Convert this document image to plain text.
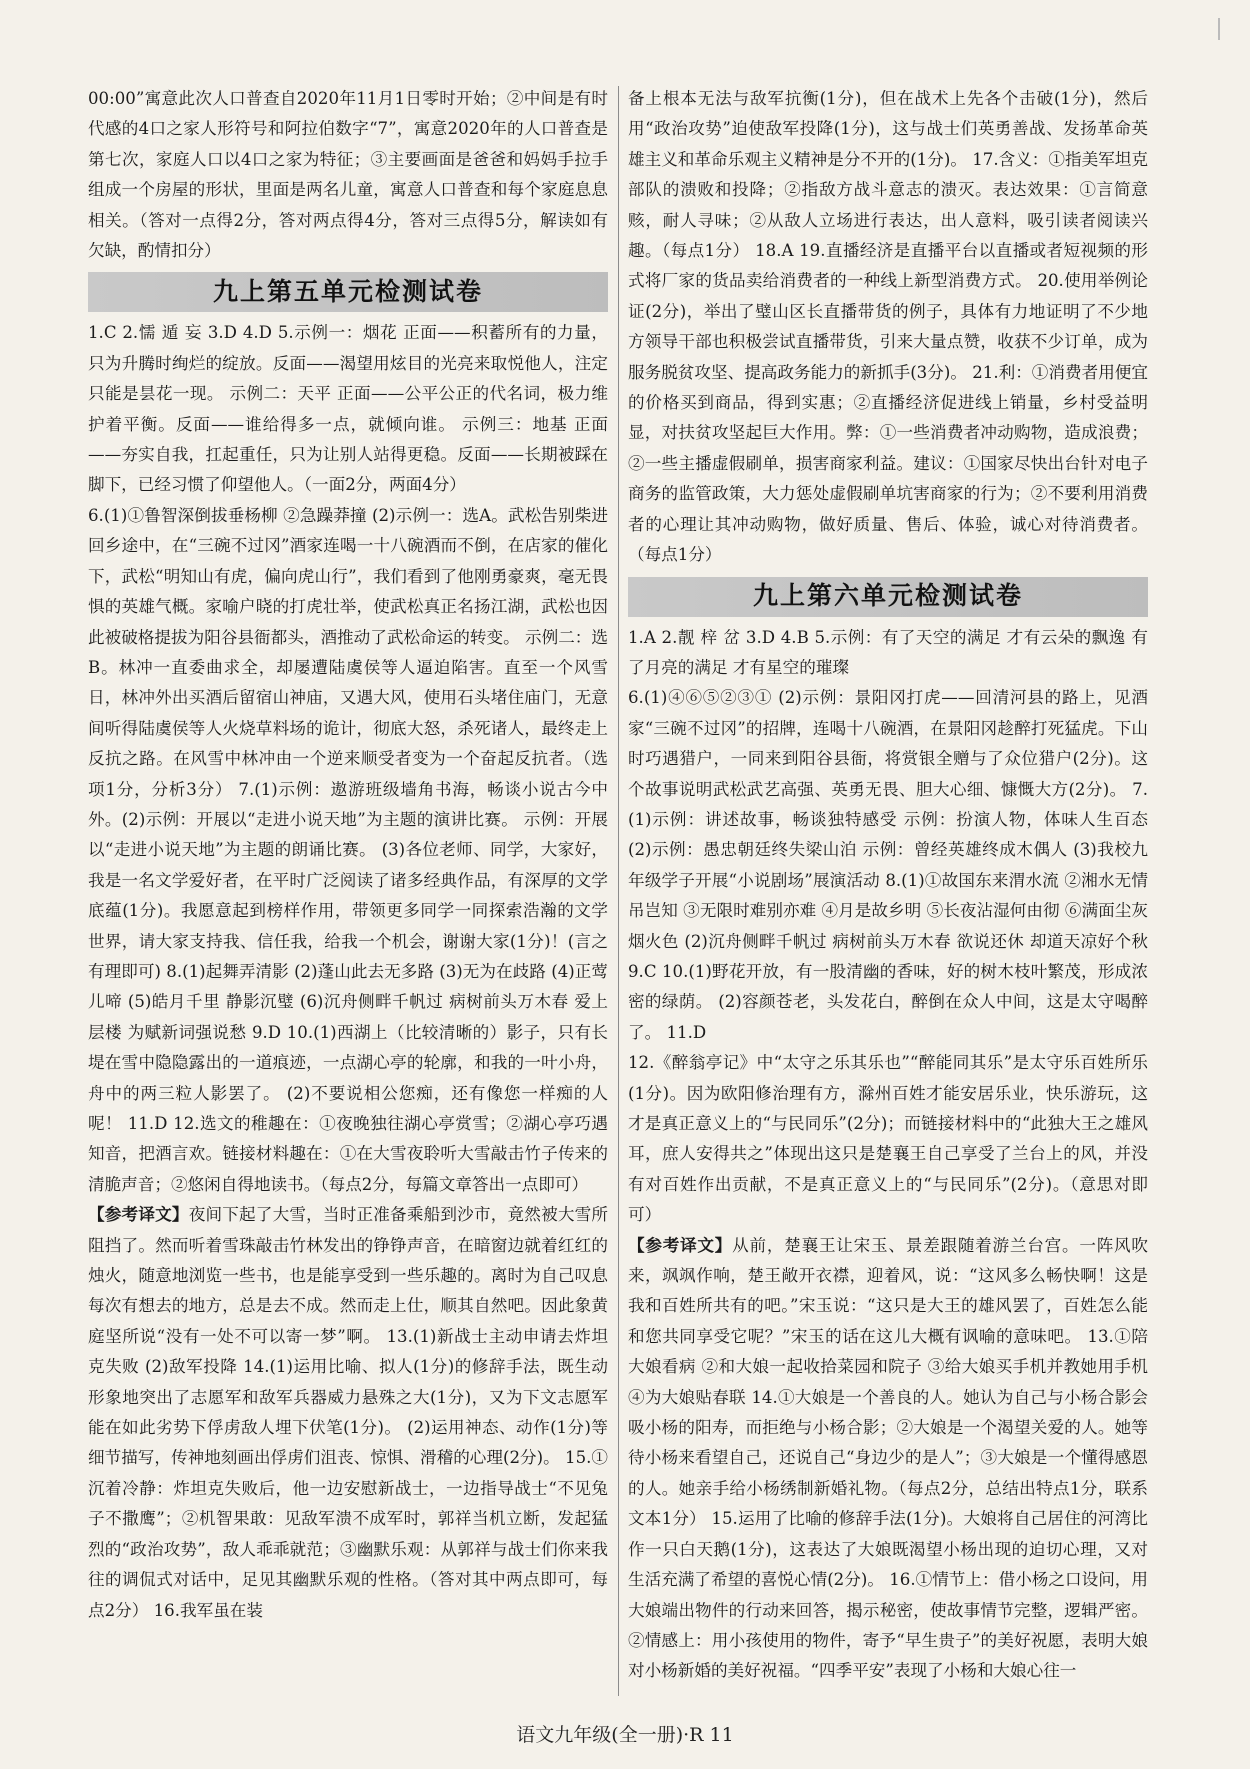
00:00”寓意此次人口普查自2020年11月1日零时开始；②中间是有时代感的4口之家人形符号和阿拉伯数字“7”，寓意2020年的人口普查是第七次，家庭人口以4口之家为特征；③主要画面是爸爸和妈妈手拉手组成一个房屋的形状，里面是两名儿童，寓意人口普查和每个家庭息息相关。（答对一点得2分，答对两点得4分，答对三点得5分，解读如有欠缺，酌情扣分）

九上第五单元检测试卷

1.C 2.懦 遁 妄 3.D 4.D 5.示例一：烟花 正面——积蓄所有的力量，只为升腾时绚烂的绽放。反面——渴望用炫目的光亮来取悦他人，注定只能是昙花一现。 示例二：天平 正面——公平公正的代名词，极力维护着平衡。反面——谁给得多一点，就倾向谁。 示例三：地基 正面——夯实自我，扛起重任，只为让别人站得更稳。反面——长期被踩在脚下，已经习惯了仰望他人。（一面2分，两面4分）

6.(1)①鲁智深倒拔垂杨柳 ②急躁莽撞 (2)示例一：选A。武松告别柴进回乡途中，在“三碗不过冈”酒家连喝一十八碗酒而不倒，在店家的催化下，武松“明知山有虎，偏向虎山行”，我们看到了他刚勇豪爽，毫无畏惧的英雄气概。家喻户晓的打虎壮举，使武松真正名扬江湖，武松也因此被破格提拔为阳谷县衙都头，酒推动了武松命运的转变。 示例二：选B。林冲一直委曲求全，却屡遭陆虞侯等人逼迫陷害。直至一个风雪日，林冲外出买酒后留宿山神庙，又遇大风，使用石头堵住庙门，无意间听得陆虞侯等人火烧草料场的诡计，彻底大怒，杀死诸人，最终走上反抗之路。在风雪中林冲由一个逆来顺受者变为一个奋起反抗者。（选项1分，分析3分） 7.(1)示例：遨游班级墙角书海，畅谈小说古今中外。(2)示例：开展以“走进小说天地”为主题的演讲比赛。 示例：开展以“走进小说天地”为主题的朗诵比赛。 (3)各位老师、同学，大家好，我是一名文学爱好者，在平时广泛阅读了诸多经典作品，有深厚的文学底蕴(1分)。我愿意起到榜样作用，带领更多同学一同探索浩瀚的文学世界，请大家支持我、信任我，给我一个机会，谢谢大家(1分)！(言之有理即可) 8.(1)起舞弄清影 (2)蓬山此去无多路 (3)无为在歧路 (4)正莺儿啼 (5)皓月千里 静影沉璧 (6)沉舟侧畔千帆过 病树前头万木春 爱上层楼 为赋新词强说愁 9.D 10.(1)西湖上（比较清晰的）影子，只有长堤在雪中隐隐露出的一道痕迹，一点湖心亭的轮廓，和我的一叶小舟，舟中的两三粒人影罢了。 (2)不要说相公您痴，还有像您一样痴的人呢！ 11.D 12.选文的稚趣在：①夜晚独往湖心亭赏雪；②湖心亭巧遇知音，把酒言欢。链接材料趣在：①在大雪夜聆听大雪敲击竹子传来的清脆声音；②悠闲自得地读书。（每点2分，每篇文章答出一点即可）

【参考译文】夜间下起了大雪，当时正准备乘船到沙市，竟然被大雪所阻挡了。然而听着雪珠敲击竹林发出的铮铮声音，在暗窗边就着红红的烛火，随意地浏览一些书，也是能享受到一些乐趣的。离时为自己叹息每次有想去的地方，总是去不成。然而走上仕，顺其自然吧。因此象黄庭坚所说“没有一处不可以寄一梦”啊。 13.(1)新战士主动申请去炸坦克失败 (2)敌军投降 14.(1)运用比喻、拟人(1分)的修辞手法，既生动形象地突出了志愿军和敌军兵器威力悬殊之大(1分)，又为下文志愿军能在如此劣势下俘虏敌人埋下伏笔(1分)。 (2)运用神态、动作(1分)等细节描写，传神地刻画出俘虏们沮丧、惊惧、滑稽的心理(2分)。 15.①沉着冷静：炸坦克失败后，他一边安慰新战士，一边指导战士“不见兔子不撒鹰”；②机智果敢：见敌军溃不成军时，郭祥当机立断，发起猛烈的“政治攻势”，敌人乖乖就范；③幽默乐观：从郭祥与战士们你来我往的调侃式对话中，足见其幽默乐观的性格。（答对其中两点即可，每点2分） 16.我军虽在装

备上根本无法与敌军抗衡(1分)，但在战术上先各个击破(1分)，然后用“政治攻势”迫使敌军投降(1分)，这与战士们英勇善战、发扬革命英雄主义和革命乐观主义精神是分不开的(1分)。 17.含义：①指美军坦克部队的溃败和投降；②指敌方战斗意志的溃灭。表达效果：①言简意赅，耐人寻味；②从敌人立场进行表达，出人意料，吸引读者阅读兴趣。（每点1分） 18.A 19.直播经济是直播平台以直播或者短视频的形式将厂家的货品卖给消费者的一种线上新型消费方式。 20.使用举例论证(2分)，举出了璧山区长直播带货的例子，具体有力地证明了不少地方领导干部也积极尝试直播带货，引来大量点赞，收获不少订单，成为服务脱贫攻坚、提高政务能力的新抓手(3分)。 21.利：①消费者用便宜的价格买到商品，得到实惠；②直播经济促进线上销量，乡村受益明显，对扶贫攻坚起巨大作用。弊：①一些消费者冲动购物，造成浪费；②一些主播虚假刷单，损害商家利益。建议：①国家尽快出台针对电子商务的监管政策，大力惩处虚假刷单坑害商家的行为；②不要利用消费者的心理让其冲动购物，做好质量、售后、体验，诚心对待消费者。（每点1分）

九上第六单元检测试卷

1.A 2.靓 梓 岔 3.D 4.B 5.示例：有了天空的满足 才有云朵的飘逸 有了月亮的满足 才有星空的璀璨

6.(1)④⑥⑤②③① (2)示例：景阳冈打虎——回清河县的路上，见酒家“三碗不过冈”的招牌，连喝十八碗酒，在景阳冈趁醉打死猛虎。下山时巧遇猎户，一同来到阳谷县衙，将赏银全赠与了众位猎户(2分)。这个故事说明武松武艺高强、英勇无畏、胆大心细、慷慨大方(2分)。 7.(1)示例：讲述故事，畅谈独特感受 示例：扮演人物，体味人生百态 (2)示例：愚忠朝廷终失梁山泊 示例：曾经英雄终成木偶人 (3)我校九年级学子开展“小说剧场”展演活动 8.(1)①故国东来渭水流 ②湘水无情吊岂知 ③无限时难别亦难 ④月是故乡明 ⑤长夜沾湿何由彻 ⑥满面尘灰烟火色 (2)沉舟侧畔千帆过 病树前头万木春 欲说还休 却道天凉好个秋 9.C 10.(1)野花开放，有一股清幽的香味，好的树木枝叶繁茂，形成浓密的绿荫。 (2)容颜苍老，头发花白，醉倒在众人中间，这是太守喝醉了。 11.D

12.《醉翁亭记》中“太守之乐其乐也”“醉能同其乐”是太守乐百姓所乐(1分)。因为欧阳修治理有方，滁州百姓才能安居乐业，快乐游玩，这才是真正意义上的“与民同乐”(2分)；而链接材料中的“此独大王之雄风耳，庶人安得共之”体现出这只是楚襄王自己享受了兰台上的风，并没有对百姓作出贡献，不是真正意义上的“与民同乐”(2分)。（意思对即可）

【参考译文】从前，楚襄王让宋玉、景差跟随着游兰台宫。一阵风吹来，飒飒作响，楚王敞开衣襟，迎着风，说：“这风多么畅快啊！这是我和百姓所共有的吧。”宋玉说：“这只是大王的雄风罢了，百姓怎么能和您共同享受它呢？”宋玉的话在这儿大概有讽喻的意味吧。 13.①陪大娘看病 ②和大娘一起收拾菜园和院子 ③给大娘买手机并教她用手机 ④为大娘贴春联 14.①大娘是一个善良的人。她认为自己与小杨合影会吸小杨的阳寿，而拒绝与小杨合影；②大娘是一个渴望关爱的人。她等待小杨来看望自己，还说自己“身边少的是人”；③大娘是一个懂得感恩的人。她亲手给小杨绣制新婚礼物。（每点2分，总结出特点1分，联系文本1分） 15.运用了比喻的修辞手法(1分)。大娘将自己居住的河湾比作一只白天鹅(1分)，这表达了大娘既渴望小杨出现的迫切心理，又对生活充满了希望的喜悦心情(2分)。 16.①情节上：借小杨之口设问，用大娘端出物件的行动来回答，揭示秘密，使故事情节完整，逻辑严密。②情感上：用小孩使用的物件，寄予“早生贵子”的美好祝愿，表明大娘对小杨新婚的美好祝福。“四季平安”表现了小杨和大娘心往一

语文九年级(全一册)·R 11
